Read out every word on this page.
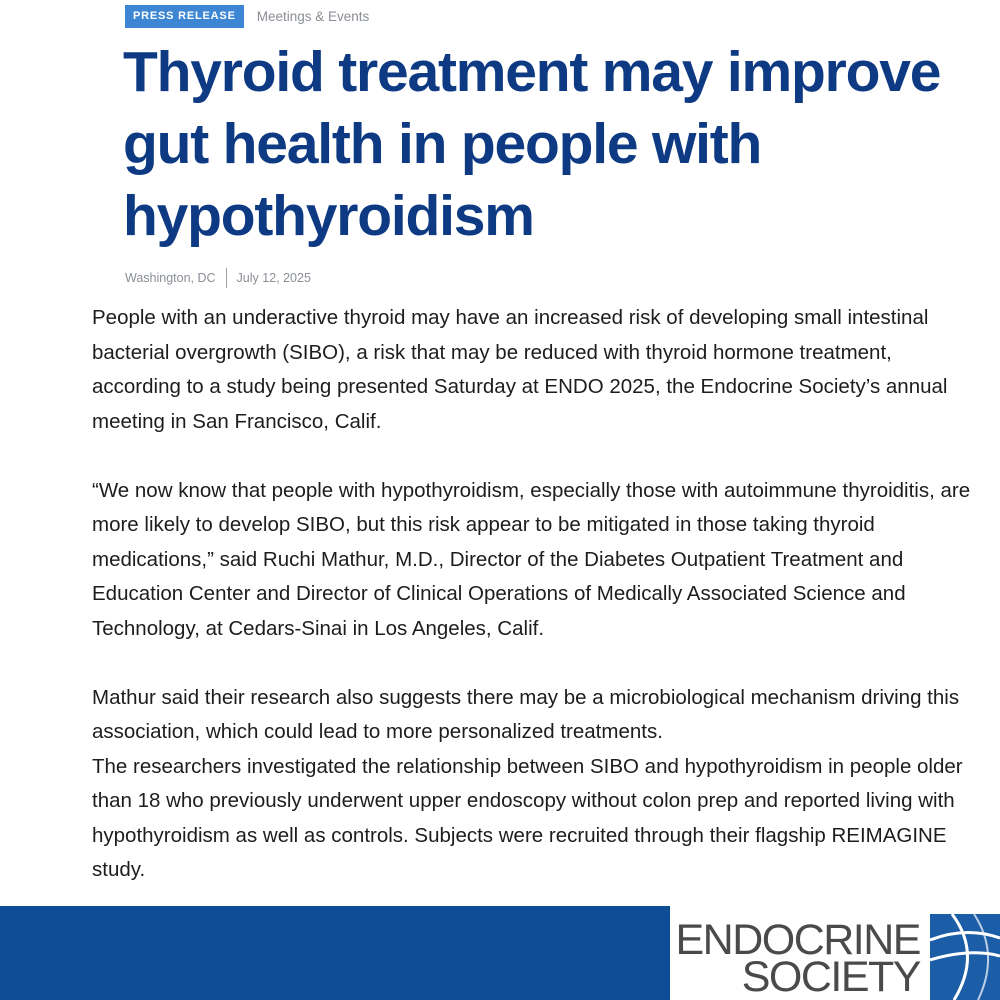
PRESS RELEASE	Meetings & Events
Thyroid treatment may improve gut health in people with hypothyroidism
Washington, DC July 12, 2025

People with an underactive thyroid may have an increased risk of developing small intestinal bacterial overgrowth (SIBO), a risk that may be reduced with thyroid hormone treatment, according to a study being presented Saturday at ENDO 2025, the Endocrine Society’s annual meeting in San Francisco, Calif.

“We now know that people with hypothyroidism, especially those with autoimmune thyroiditis, are more likely to develop SIBO, but this risk appear to be mitigated in those taking thyroid medications,” said Ruchi Mathur, M.D., Director of the Diabetes Outpatient Treatment and Education Center and Director of Clinical Operations of Medically Associated Science and Technology, at Cedars-Sinai in Los Angeles, Calif.

Mathur said their research also suggests there may be a microbiological mechanism driving this association, which could lead to more personalized treatments.

The researchers investigated the relationship between SIBO and hypothyroidism in people older than 18 who previously underwent upper endoscopy without colon prep and reported living with hypothyroidism as well as controls. Subjects were recruited through their flagship REIMAGINE study.

ENDOCRINE
SOCIETY
